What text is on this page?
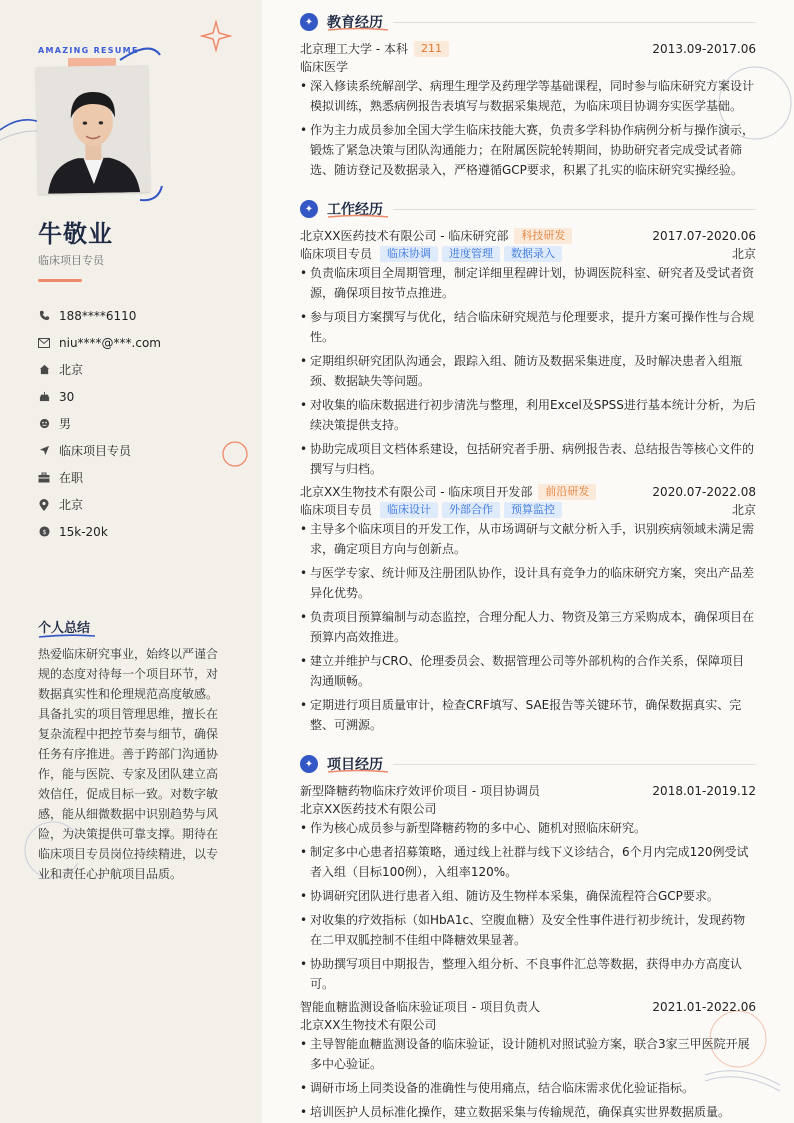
AMAZING RESUME
牛敬业
临床项目专员
188****6110
niu****@***.com
北京
30
男
临床项目专员
在职
北京
$ 15k-20k
个人总结
热爱临床研究事业，始终以严谨合规的态度对待每一个项目环节，对数据真实性和伦理规范高度敏感。具备扎实的项目管理思维，擅长在复杂流程中把控节奏与细节，确保任务有序推进。善于跨部门沟通协作，能与医院、专家及团队建立高效信任，促成目标一致。对数字敏感，能从细微数据中识别趋势与风险，为决策提供可靠支撑。期待在临床项目专员岗位持续精进，以专业和责任心护航项目品质。
✦ 教育经历
北京理工大学 - 本科	211	2013.09-2017.06
临床医学
• 深入修读系统解剖学、病理生理学及药理学等基础课程，同时参与临床研究方案设计模拟训练，熟悉病例报告表填写与数据采集规范，为临床项目协调夯实医学基础。
• 作为主力成员参加全国大学生临床技能大赛，负责多学科协作病例分析与操作演示，锻炼了紧急决策与团队沟通能力；在附属医院轮转期间，协助研究者完成受试者筛选、随访登记及数据录入，严格遵循GCP要求，积累了扎实的临床研究实操经验。
✦ 工作经历
北京XX医药技术有限公司 - 临床研究部	科技研发	2017.07-2020.06
临床项目专员	临床协调	进度管理	数据录入	北京
• 负责临床项目全周期管理，制定详细里程碑计划，协调医院科室、研究者及受试者资源，确保项目按节点推进。
• 参与项目方案撰写与优化，结合临床研究规范与伦理要求，提升方案可操作性与合规性。
• 定期组织研究团队沟通会，跟踪入组、随访及数据采集进度，及时解决患者入组瓶颈、数据缺失等问题。
• 对收集的临床数据进行初步清洗与整理，利用Excel及SPSS进行基本统计分析，为后续决策提供支持。
• 协助完成项目文档体系建设，包括研究者手册、病例报告表、总结报告等核心文件的撰写与归档。
北京XX生物技术有限公司 - 临床项目开发部	前沿研发	2020.07-2022.08
临床项目专员	临床设计	外部合作	预算监控	北京
• 主导多个临床项目的开发工作，从市场调研与文献分析入手，识别疾病领域未满足需求，确定项目方向与创新点。
• 与医学专家、统计师及注册团队协作，设计具有竞争力的临床研究方案，突出产品差异化优势。
• 负责项目预算编制与动态监控，合理分配人力、物资及第三方采购成本，确保项目在预算内高效推进。
• 建立并维护与CRO、伦理委员会、数据管理公司等外部机构的合作关系，保障项目沟通顺畅。
• 定期进行项目质量审计，检查CRF填写、SAE报告等关键环节，确保数据真实、完整、可溯源。
✦ 项目经历
新型降糖药物临床疗效评价项目 - 项目协调员	2018.01-2019.12
北京XX医药技术有限公司
• 作为核心成员参与新型降糖药物的多中心、随机对照临床研究。
• 制定多中心患者招募策略，通过线上社群与线下义诊结合，6个月内完成120例受试者入组（目标100例），入组率120%。
• 协调研究团队进行患者入组、随访及生物样本采集，确保流程符合GCP要求。
• 对收集的疗效指标（如HbA1c、空腹血糖）及安全性事件进行初步统计，发现药物在二甲双胍控制不佳组中降糖效果显著。
• 协助撰写项目中期报告，整理入组分析、不良事件汇总等数据，获得申办方高度认可。
智能血糖监测设备临床验证项目 - 项目负责人	2021.01-2022.06
北京XX生物技术有限公司
• 主导智能血糖监测设备的临床验证，设计随机对照试验方案，联合3家三甲医院开展多中心验证。
• 调研市场上同类设备的准确性与使用痛点，结合临床需求优化验证指标。
• 培训医护人员标准化操作，建立数据采集与传输规范，确保真实世界数据质量。
